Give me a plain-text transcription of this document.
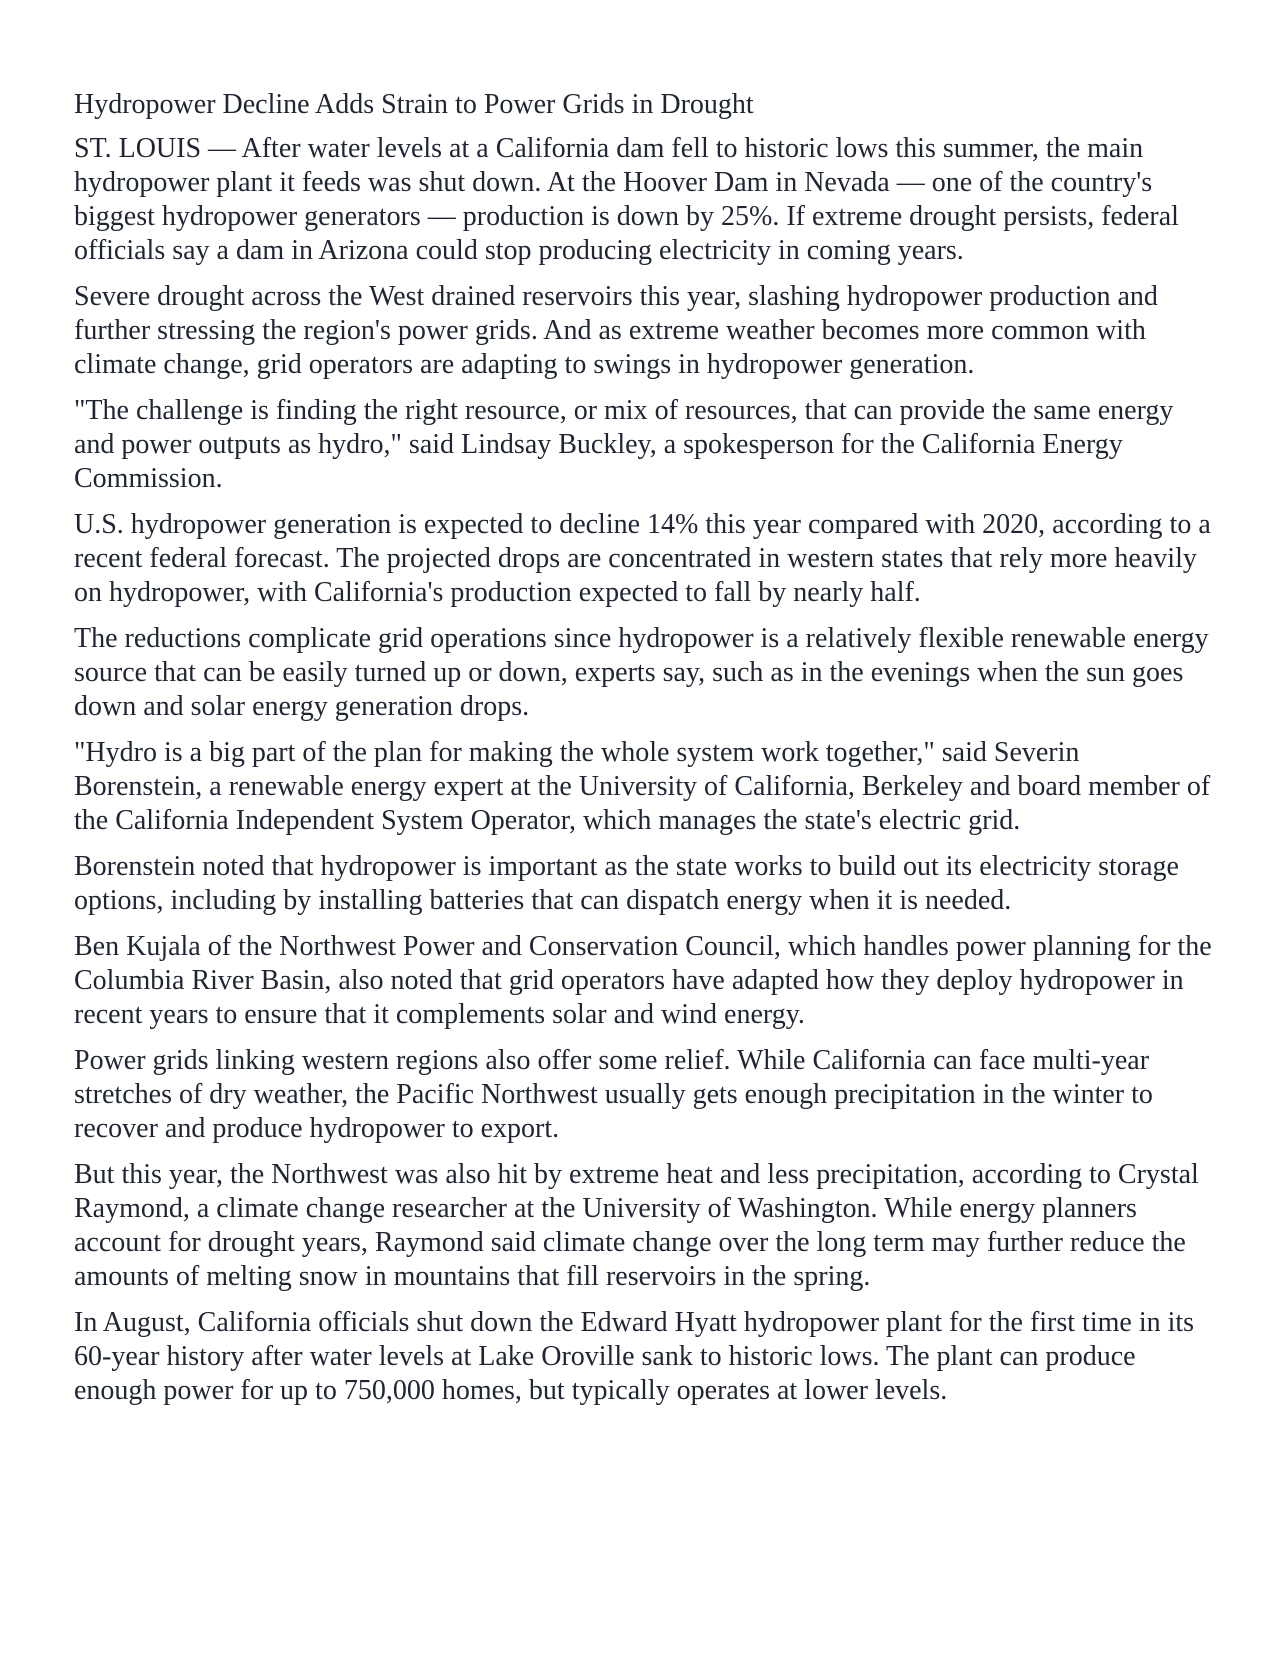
Hydropower Decline Adds Strain to Power Grids in Drought

ST. LOUIS — After water levels at a California dam fell to historic lows this summer, the main hydropower plant it feeds was shut down. At the Hoover Dam in Nevada — one of the country's biggest hydropower generators — production is down by 25%. If extreme drought persists, federal officials say a dam in Arizona could stop producing electricity in coming years.

Severe drought across the West drained reservoirs this year, slashing hydropower production and further stressing the region's power grids. And as extreme weather becomes more common with climate change, grid operators are adapting to swings in hydropower generation.

"The challenge is finding the right resource, or mix of resources, that can provide the same energy and power outputs as hydro," said Lindsay Buckley, a spokesperson for the California Energy Commission.

U.S. hydropower generation is expected to decline 14% this year compared with 2020, according to a recent federal forecast. The projected drops are concentrated in western states that rely more heavily on hydropower, with California's production expected to fall by nearly half.

The reductions complicate grid operations since hydropower is a relatively flexible renewable energy source that can be easily turned up or down, experts say, such as in the evenings when the sun goes down and solar energy generation drops.

"Hydro is a big part of the plan for making the whole system work together," said Severin Borenstein, a renewable energy expert at the University of California, Berkeley and board member of the California Independent System Operator, which manages the state's electric grid.

Borenstein noted that hydropower is important as the state works to build out its electricity storage options, including by installing batteries that can dispatch energy when it is needed.

Ben Kujala of the Northwest Power and Conservation Council, which handles power planning for the Columbia River Basin, also noted that grid operators have adapted how they deploy hydropower in recent years to ensure that it complements solar and wind energy.

Power grids linking western regions also offer some relief. While California can face multi-year stretches of dry weather, the Pacific Northwest usually gets enough precipitation in the winter to recover and produce hydropower to export.

But this year, the Northwest was also hit by extreme heat and less precipitation, according to Crystal Raymond, a climate change researcher at the University of Washington. While energy planners account for drought years, Raymond said climate change over the long term may further reduce the amounts of melting snow in mountains that fill reservoirs in the spring.

In August, California officials shut down the Edward Hyatt hydropower plant for the first time in its 60-year history after water levels at Lake Oroville sank to historic lows. The plant can produce enough power for up to 750,000 homes, but typically operates at lower levels.
